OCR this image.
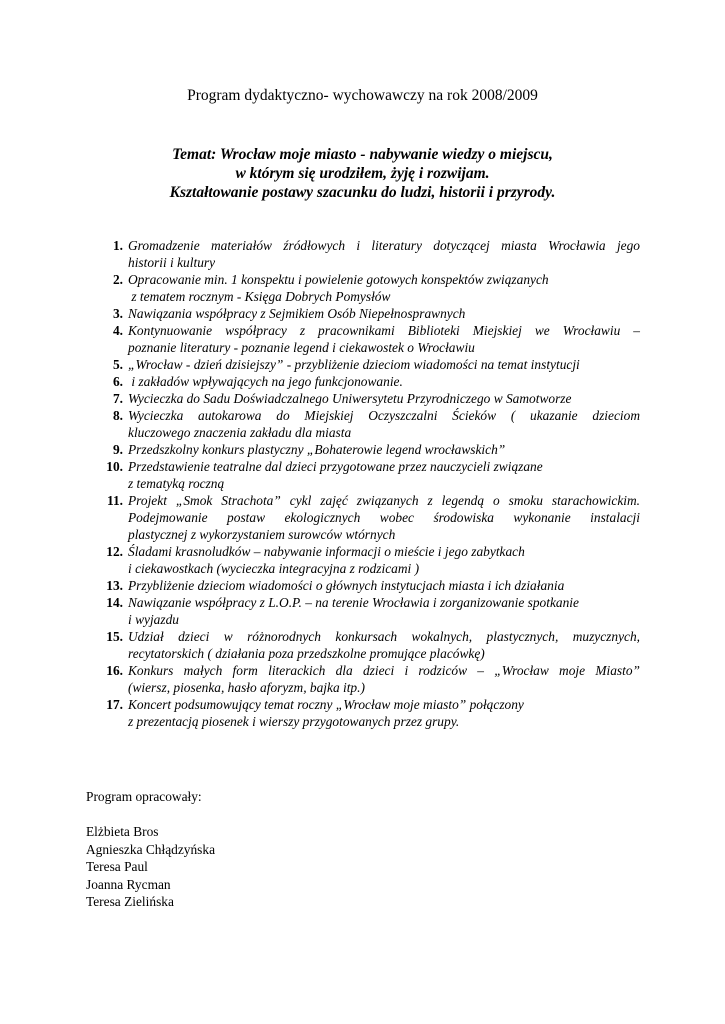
Program dydaktyczno- wychowawczy na rok 2008/2009
Temat: Wrocław moje miasto - nabywanie wiedzy o miejscu,
w którym się urodziłem, żyję i rozwijam.
Kształtowanie postawy szacunku do ludzi, historii i przyrody.
1. Gromadzenie materiałów źródłowych i literatury dotyczącej miasta Wrocławia jego
historii i kultury
2. Opracowanie min. 1 konspektu i powielenie gotowych konspektów związanych
z tematem rocznym - Księga Dobrych Pomysłów
3. Nawiązania współpracy z Sejmikiem Osób Niepełnosprawnych
4. Kontynuowanie współpracy z pracownikami Biblioteki Miejskiej we Wrocławiu –
poznanie literatury - poznanie legend i ciekawostek o Wrocławiu
5. „Wrocław - dzień dzisiejszy” - przybliżenie dzieciom wiadomości na temat instytucji
6. i zakładów wpływających na jego funkcjonowanie.
7. Wycieczka do Sadu Doświadczalnego Uniwersytetu Przyrodniczego w Samotworze
8. Wycieczka autokarowa do Miejskiej Oczyszczalni Ścieków ( ukazanie dzieciom
kluczowego znaczenia zakładu dla miasta
9. Przedszkolny konkurs plastyczny „Bohaterowie legend wrocławskich”
10. Przedstawienie teatralne dal dzieci przygotowane przez nauczycieli związane
z tematyką roczną
11. Projekt „Smok Strachota” cykl zajęć związanych z legendą o smoku starachowickim.
Podejmowanie postaw ekologicznych wobec środowiska wykonanie instalacji
plastycznej z wykorzystaniem surowców wtórnych
12. Śladami krasnoludków – nabywanie informacji o mieście i jego zabytkach
i ciekawostkach (wycieczka integracyjna z rodzicami )
13. Przybliżenie dzieciom wiadomości o głównych instytucjach miasta i ich działania
14. Nawiązanie współpracy z L.O.P. – na terenie Wrocławia i zorganizowanie spotkanie
i wyjazdu
15. Udział dzieci w różnorodnych konkursach wokalnych, plastycznych, muzycznych,
recytatorskich ( działania poza przedszkolne promujące placówkę)
16. Konkurs małych form literackich dla dzieci i rodziców – „Wrocław moje Miasto”
(wiersz, piosenka, hasło aforyzm, bajka itp.)
17. Koncert podsumowujący temat roczny „Wrocław moje miasto” połączony
z prezentacją piosenek i wierszy przygotowanych przez grupy.
Program opracowały:
Elżbieta Bros
Agnieszka Chłądzyńska
Teresa Paul
Joanna Rycman
Teresa Zielińska
